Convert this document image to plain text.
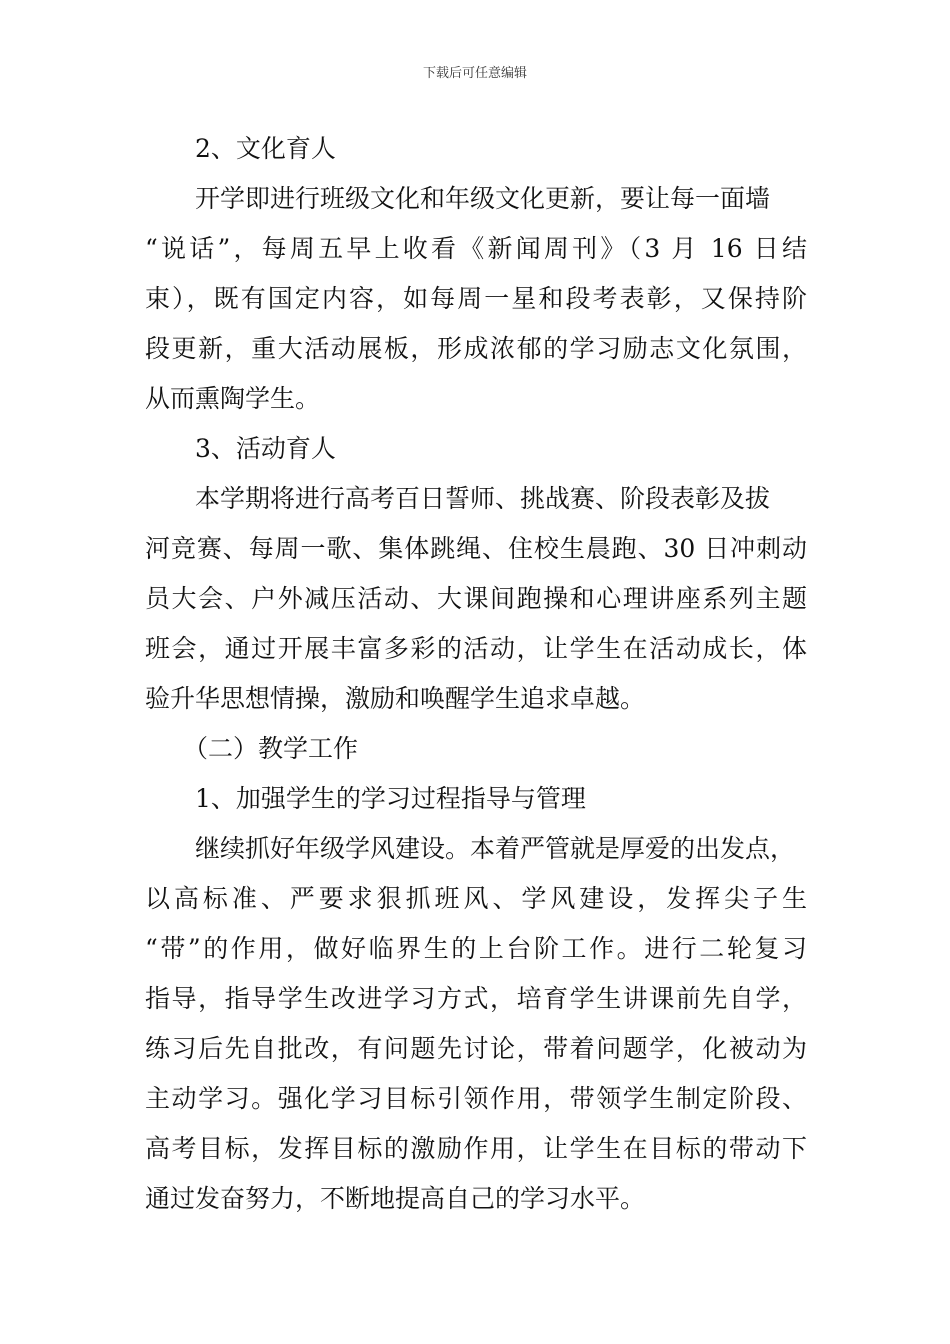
下载后可任意编辑
2、文化育人
开学即进行班级文化和年级文化更新，要让每一面墙
“说话”，每周五早上收看《新闻周刊》（3 月 16 日结
束），既有国定内容，如每周一星和段考表彰，又保持阶
段更新，重大活动展板，形成浓郁的学习励志文化氛围，
从而熏陶学生。
3、活动育人
本学期将进行高考百日誓师、挑战赛、阶段表彰及拔
河竞赛、每周一歌、集体跳绳、住校生晨跑、30 日冲刺动
员大会、户外减压活动、大课间跑操和心理讲座系列主题
班会，通过开展丰富多彩的活动，让学生在活动成长，体
验升华思想情操，激励和唤醒学生追求卓越。
（二）教学工作
1、加强学生的学习过程指导与管理
继续抓好年级学风建设。本着严管就是厚爱的出发点，
以高标准、严要求狠抓班风、学风建设，发挥尖子生
“带”的作用，做好临界生的上台阶工作。进行二轮复习
指导，指导学生改进学习方式，培育学生讲课前先自学，
练习后先自批改，有问题先讨论，带着问题学，化被动为
主动学习。强化学习目标引领作用，带领学生制定阶段、
高考目标，发挥目标的激励作用，让学生在目标的带动下
通过发奋努力，不断地提高自己的学习水平。
